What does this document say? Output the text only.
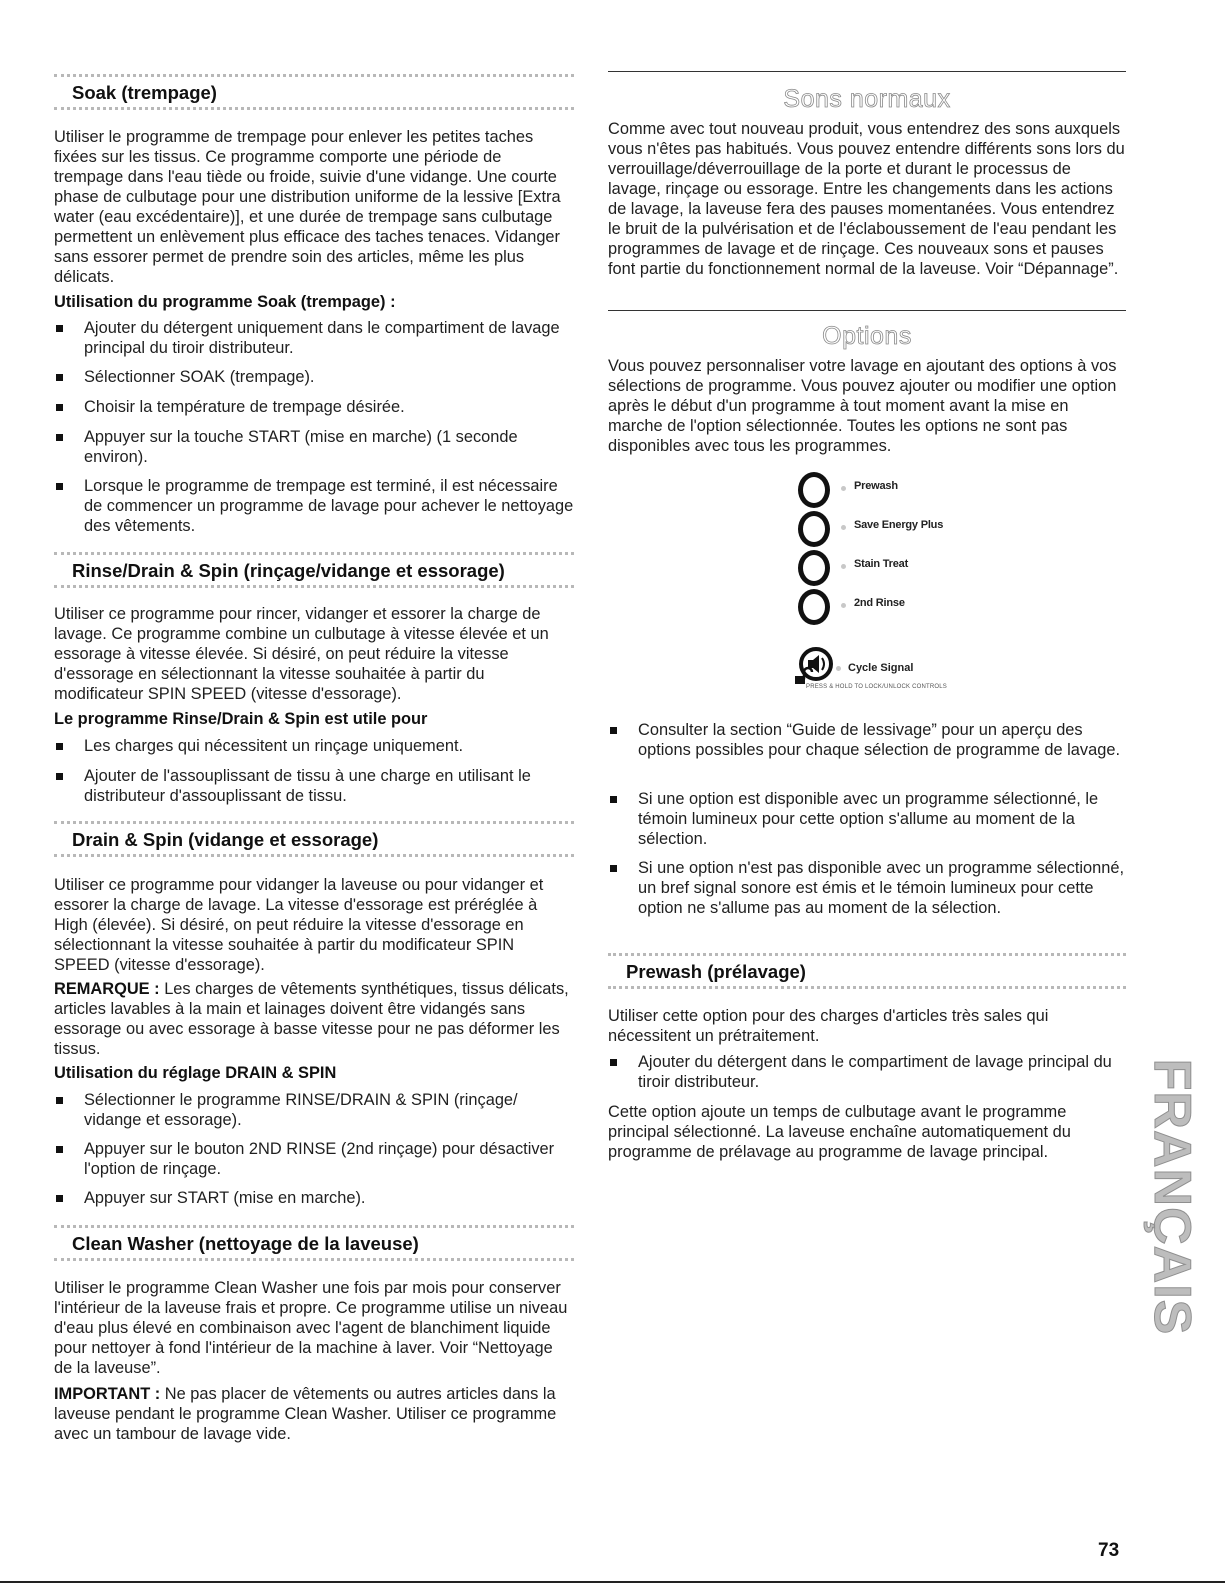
Soak (trempage)
Utiliser le programme de trempage pour enlever les petites taches fixées sur les tissus. Ce programme comporte une période de trempage dans l'eau tiède ou froide, suivie d'une vidange. Une courte phase de culbutage pour une distribution uniforme de la lessive [Extra water (eau excédentaire)], et une durée de trempage sans culbutage permettent un enlèvement plus efficace des taches tenaces. Vidanger sans essorer permet de prendre soin des articles, même les plus délicats.
Utilisation du programme Soak (trempage) :
Ajouter du détergent uniquement dans le compartiment de lavage principal du tiroir distributeur.
Sélectionner SOAK (trempage).
Choisir la température de trempage désirée.
Appuyer sur la touche START (mise en marche) (1 seconde environ).
Lorsque le programme de trempage est terminé, il est nécessaire de commencer un programme de lavage pour achever le nettoyage des vêtements.
Rinse/Drain & Spin (rinçage/vidange et essorage)
Utiliser ce programme pour rincer, vidanger et essorer la charge de lavage. Ce programme combine un culbutage à vitesse élevée et un essorage à vitesse élevée. Si désiré, on peut réduire la vitesse d'essorage en sélectionnant la vitesse souhaitée à partir du modificateur SPIN SPEED (vitesse d'essorage).
Le programme Rinse/Drain & Spin est utile pour
Les charges qui nécessitent un rinçage uniquement.
Ajouter de l'assouplissant de tissu à une charge en utilisant le distributeur d'assouplissant de tissu.
Drain & Spin (vidange et essorage)
Utiliser ce programme pour vidanger la laveuse ou pour vidanger et essorer la charge de lavage. La vitesse d'essorage est préréglée à High (élevée). Si désiré, on peut réduire la vitesse d'essorage en sélectionnant la vitesse souhaitée à partir du modificateur SPIN SPEED (vitesse d'essorage).
REMARQUE : Les charges de vêtements synthétiques, tissus délicats, articles lavables à la main et lainages doivent être vidangés sans essorage ou avec essorage à basse vitesse pour ne pas déformer les tissus.
Utilisation du réglage DRAIN & SPIN
Sélectionner le programme RINSE/DRAIN & SPIN (rinçage/ vidange et essorage).
Appuyer sur le bouton 2ND RINSE (2nd rinçage) pour désactiver l'option de rinçage.
Appuyer sur START (mise en marche).
Clean Washer (nettoyage de la laveuse)
Utiliser le programme Clean Washer une fois par mois pour conserver l'intérieur de la laveuse frais et propre. Ce programme utilise un niveau d'eau plus élevé en combinaison avec l'agent de blanchiment liquide pour nettoyer à fond l'intérieur de la machine à laver. Voir “Nettoyage de la laveuse”.
IMPORTANT : Ne pas placer de vêtements ou autres articles dans la laveuse pendant le programme Clean Washer. Utiliser ce programme avec un tambour de lavage vide.
Sons normaux
Comme avec tout nouveau produit, vous entendrez des sons auxquels vous n'êtes pas habitués. Vous pouvez entendre différents sons lors du verrouillage/déverrouillage de la porte et durant le processus de lavage, rinçage ou essorage. Entre les changements dans les actions de lavage, la laveuse fera des pauses momentanées. Vous entendrez le bruit de la pulvérisation et de l'éclaboussement de l'eau pendant les programmes de lavage et de rinçage. Ces nouveaux sons et pauses font partie du fonctionnement normal de la laveuse. Voir “Dépannage”.
Options
Vous pouvez personnaliser votre lavage en ajoutant des options à vos sélections de programme. Vous pouvez ajouter ou modifier une option après le début d'un programme à tout moment avant la mise en marche de l'option sélectionnée. Toutes les options ne sont pas disponibles avec tous les programmes.
Prewash
Save Energy Plus
Stain Treat
2nd Rinse
Cycle Signal
PRESS & HOLD TO LOCK/UNLOCK CONTROLS
Consulter la section “Guide de lessivage” pour un aperçu des options possibles pour chaque sélection de programme de lavage.
Si une option est disponible avec un programme sélectionné, le témoin lumineux pour cette option s'allume au moment de la sélection.
Si une option n'est pas disponible avec un programme sélectionné, un bref signal sonore est émis et le témoin lumineux pour cette option ne s'allume pas au moment de la sélection.
Prewash (prélavage)
Utiliser cette option pour des charges d'articles très sales qui nécessitent un prétraitement.
Ajouter du détergent dans le compartiment de lavage principal du tiroir distributeur.
Cette option ajoute un temps de culbutage avant le programme principal sélectionné. La laveuse enchaîne automatiquement du programme de prélavage au programme de lavage principal.	FRANÇAIS
73
